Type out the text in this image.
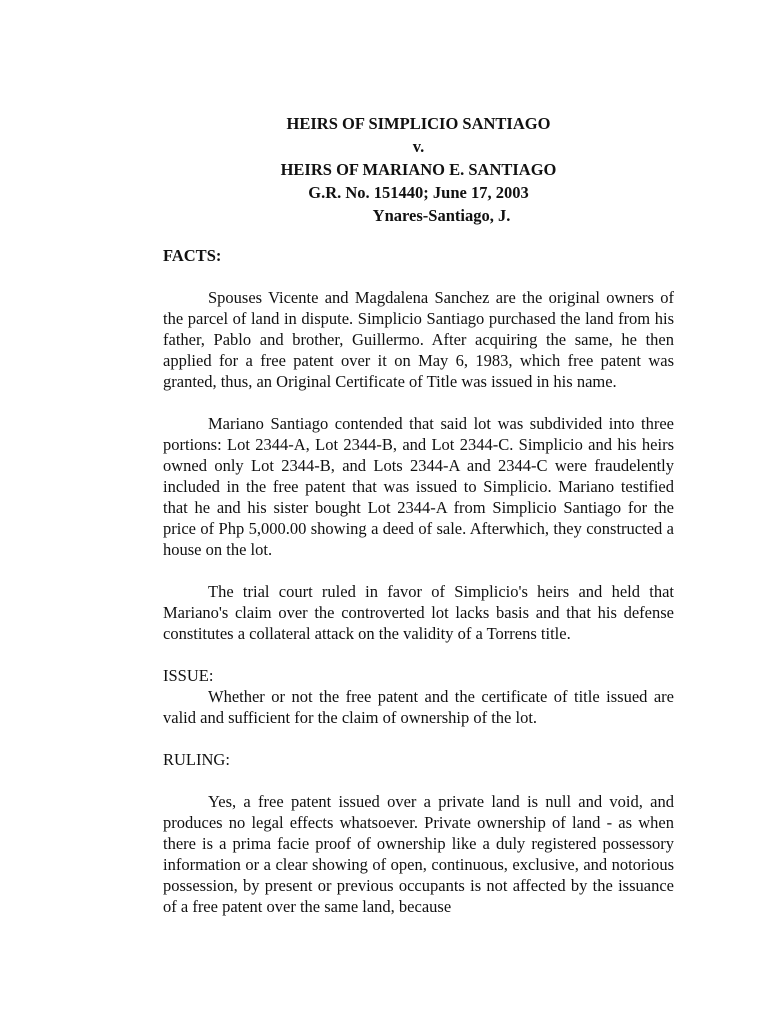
HEIRS OF SIMPLICIO SANTIAGO
v.
HEIRS OF MARIANO E. SANTIAGO
G.R. No. 151440; June 17, 2003
Ynares-Santiago, J.

FACTS:

Spouses Vicente and Magdalena Sanchez are the original owners of the parcel of land in dispute. Simplicio Santiago purchased the land from his father, Pablo and brother, Guillermo. After acquiring the same, he then applied for a free patent over it on May 6, 1983, which free patent was granted, thus, an Original Certificate of Title was issued in his name.

Mariano Santiago contended that said lot was subdivided into three portions: Lot 2344-A, Lot 2344-B, and Lot 2344-C. Simplicio and his heirs owned only Lot 2344-B, and Lots 2344-A and 2344-C were fraudelently included in the free patent that was issued to Simplicio. Mariano testified that he and his sister bought Lot 2344-A from Simplicio Santiago for the price of Php 5,000.00 showing a deed of sale. Afterwhich, they constructed a house on the lot.

The trial court ruled in favor of Simplicio's heirs and held that Mariano's claim over the controverted lot lacks basis and that his defense constitutes a collateral attack on the validity of a Torrens title.

ISSUE:

Whether or not the free patent and the certificate of title issued are valid and sufficient for the claim of ownership of the lot.

RULING:

Yes, a free patent issued over a private land is null and void, and produces no legal effects whatsoever. Private ownership of land - as when there is a prima facie proof of ownership like a duly registered possessory information or a clear showing of open, continuous, exclusive, and notorious possession, by present or previous occupants is not affected by the issuance of a free patent over the same land, because
